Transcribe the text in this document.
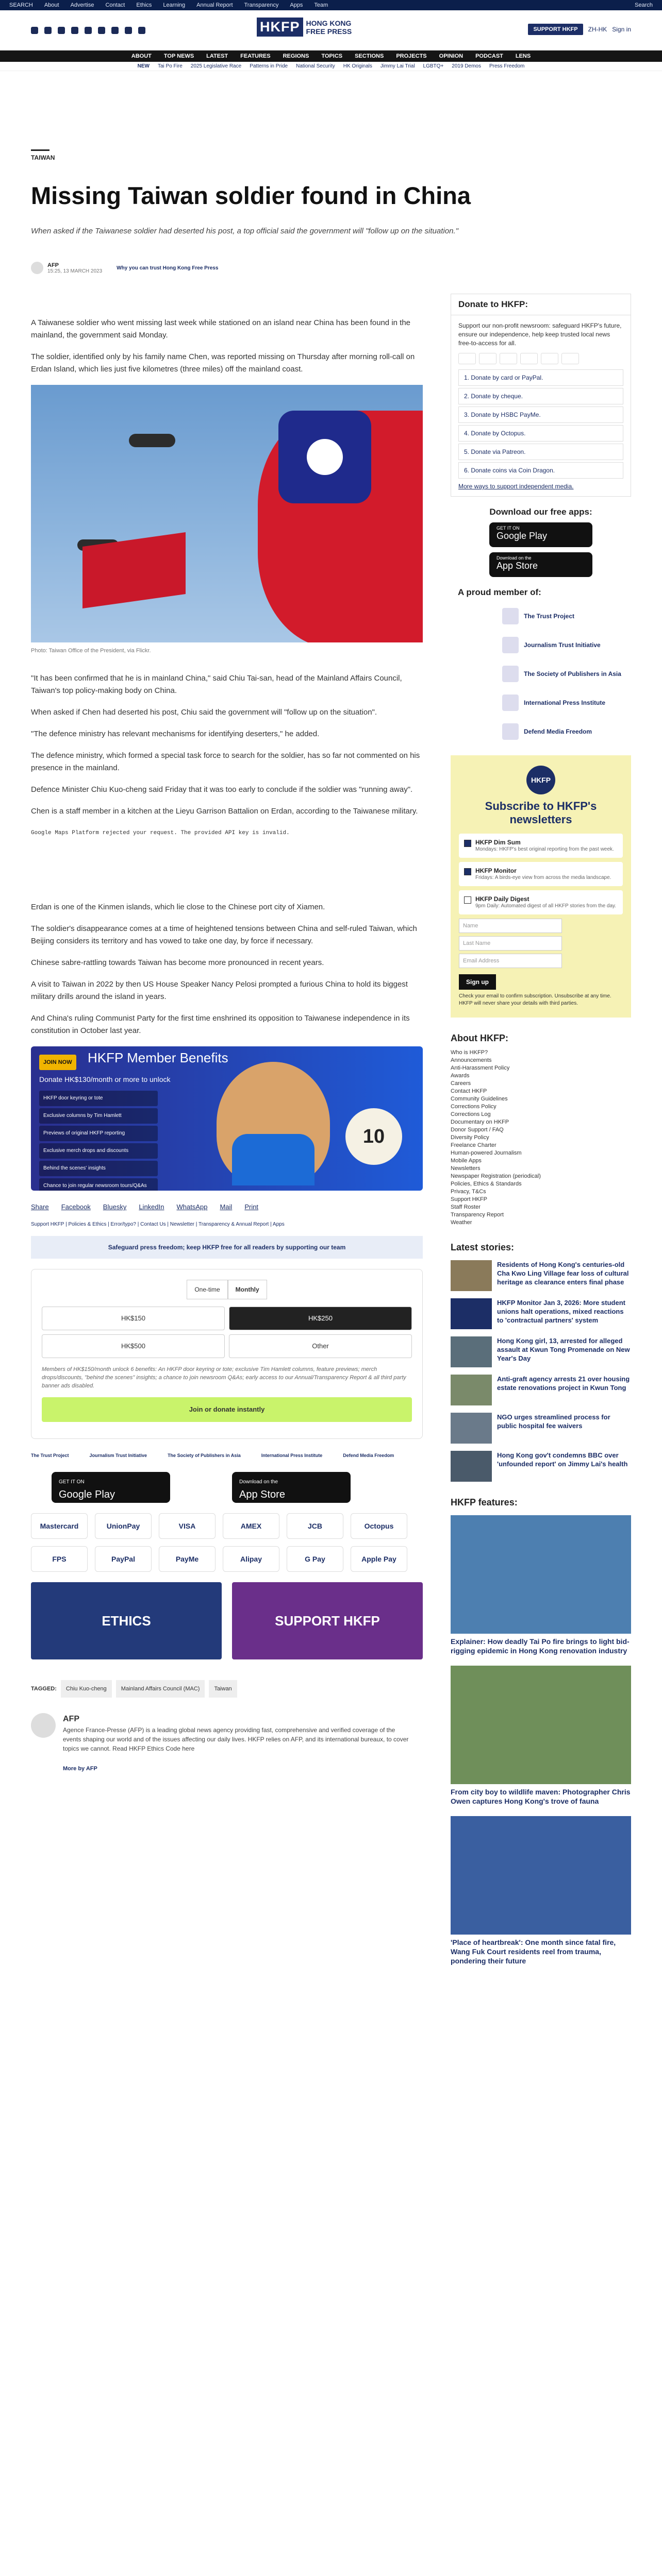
SEARCH About Advertise Contact Ethics Learning Annual Report Transparency Apps Team	Search
HKFP HONG KONG FREE PRESS	SUPPORT HKFP	ZH-HK Sign in
ABOUT TOP NEWS LATEST FEATURES REGIONS TOPICS SECTIONS PROJECTS OPINION PODCAST LENS
NEW Tai Po Fire 2025 Legislative Race Patterns in Pride National Security HK Originals Jimmy Lai Trial LGBTQ+ 2019 Demos Press Freedom
TAIWAN
Missing Taiwan soldier found in China
When asked if the Taiwanese soldier had deserted his post, a top official said the government will "follow up on the situation."
AFP
15:25, 13 MARCH 2023
Why you can trust Hong Kong Free Press

A Taiwanese soldier who went missing last week while stationed on an island near China has been found in the mainland, the government said Monday.

The soldier, identified only by his family name Chen, was reported missing on Thursday after morning roll-call on Erdan Island, which lies just five kilometres (three miles) off the mainland coast.

Photo: Taiwan Office of the President, via Flickr.

"It has been confirmed that he is in mainland China," said Chiu Tai-san, head of the Mainland Affairs Council, Taiwan's top policy-making body on China.

When asked if Chen had deserted his post, Chiu said the government will "follow up on the situation".

"The defence ministry has relevant mechanisms for identifying deserters," he added.

The defence ministry, which formed a special task force to search for the soldier, has so far not commented on his presence in the mainland.

Defence Minister Chiu Kuo-cheng said Friday that it was too early to conclude if the soldier was "running away".

Chen is a staff member in a kitchen at the Lieyu Garrison Battalion on Erdan, according to the Taiwanese military.

Google Maps Platform rejected your request. The provided API key is invalid.

Erdan is one of the Kinmen islands, which lie close to the Chinese port city of Xiamen.

The soldier's disappearance comes at a time of heightened tensions between China and self-ruled Taiwan, which Beijing considers its territory and has vowed to take one day, by force if necessary.

Chinese sabre-rattling towards Taiwan has become more pronounced in recent years.

A visit to Taiwan in 2022 by then US House Speaker Nancy Pelosi prompted a furious China to hold its biggest military drills around the island in years.

And China's ruling Communist Party for the first time enshrined its opposition to Taiwanese independence in its constitution in October last year.

JOIN NOW	HKFP Member Benefits
Donate HK$130/month or more to unlock
HKFP door keyring or tote
Exclusive columns by Tim Hamlett
Previews of original HKFP reporting
Exclusive merch drops and discounts
Behind the scenes' insights
Chance to join regular newsroom tours/Q&As
10
Share Facebook Bluesky LinkedIn WhatsApp Mail Print
Support HKFP | Policies & Ethics | Error/typo? | Contact Us | Newsletter | Transparency & Annual Report | Apps
Safeguard press freedom; keep HKFP free for all readers by supporting our team
One-time	Monthly
HK$150	HK$250
HK$500	Other
Members of HK$150/month unlock 6 benefits: An HKFP door keyring or tote; exclusive Tim Hamlett columns, feature previews; merch drops/discounts, "behind the scenes" insights; a chance to join newsroom Q&As; early access to our Annual/Transparency Report & all third party banner ads disabled.
Join or donate instantly
The Trust Project	Journalism Trust Initiative	The Society of Publishers in Asia	International Press Institute	Defend Media Freedom
GET IT ON
Google Play
Download on the
App Store
Mastercard	UnionPay	VISA	AMEX	JCB	Octopus
FPS	PayPal	PayMe	Alipay	G Pay	Apple Pay
ETHICS	SUPPORT HKFP
TAGGED:	Chiu Kuo-cheng	Mainland Affairs Council (MAC)	Taiwan
AFP

Agence France-Presse (AFP) is a leading global news agency providing fast, comprehensive and verified coverage of the events shaping our world and of the issues affecting our daily lives. HKFP relies on AFP, and its international bureaux, to cover topics we cannot. Read HKFP Ethics Code here

More by AFP
Donate to HKFP:

Support our non-profit newsroom: safeguard HKFP's future, ensure our independence, help keep trusted local news free-to-access for all.

1. Donate by card or PayPal.
2. Donate by cheque.
3. Donate by HSBC PayMe.
4. Donate by Octopus.
5. Donate via Patreon.
6. Donate coins via Coin Dragon.
More ways to support independent media.
Download our free apps:
GET IT ON
Google Play
Download on the
App Store
A proud member of:
The Trust Project
Journalism Trust Initiative
The Society of Publishers in Asia
International Press Institute
Defend Media Freedom
HKFP
Subscribe to HKFP's newsletters
HKFP Dim Sum

Mondays: HKFP's best original reporting from the past week.

HKFP Monitor

Fridays: A birds-eye view from across the media landscape.

HKFP Daily Digest

9pm Daily: Automated digest of all HKFP stories from the day.

Name
Last Name
Email Address
Sign up
Check your email to confirm subscription. Unsubscribe at any time. HKFP will never share your details with third parties.
About HKFP:
Who is HKFP?
Announcements
Anti-Harassment Policy
Awards
Careers
Contact HKFP
Community Guidelines
Corrections Policy
Corrections Log
Documentary on HKFP
Donor Support / FAQ
Diversity Policy
Freelance Charter
Human-powered Journalism
Mobile Apps
Newsletters
Newspaper Registration (periodical)
Policies, Ethics & Standards
Privacy, T&Cs
Support HKFP
Staff Roster
Transparency Report
Weather
Latest stories:
Residents of Hong Kong's centuries-old Cha Kwo Ling Village fear loss of cultural heritage as clearance enters final phase
HKFP Monitor Jan 3, 2026: More student unions halt operations, mixed reactions to 'contractual partners' system
Hong Kong girl, 13, arrested for alleged assault at Kwun Tong Promenade on New Year's Day
Anti-graft agency arrests 21 over housing estate renovations project in Kwun Tong
NGO urges streamlined process for public hospital fee waivers
Hong Kong gov't condemns BBC over 'unfounded report' on Jimmy Lai's health
HKFP features:
Explainer: How deadly Tai Po fire brings to light bid-rigging epidemic in Hong Kong renovation industry
From city boy to wildlife maven: Photographer Chris Owen captures Hong Kong's trove of fauna
'Place of heartbreak': One month since fatal fire, Wang Fuk Court residents reel from trauma, pondering their future
